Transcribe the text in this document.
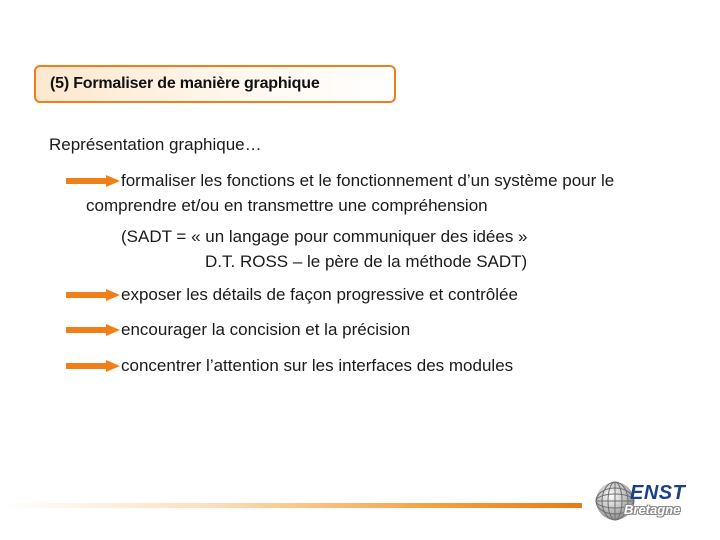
(5) Formaliser de manière graphique
Représentation graphique…
formaliser les fonctions et le fonctionnement d’un système pour le
comprendre et/ou en transmettre une compréhension
(SADT = « un langage pour communiquer des idées »
D.T. ROSS – le père de la méthode SADT)
exposer les détails de façon progressive et contrôlée
encourager la concision et la précision
concentrer l’attention sur les interfaces des modules
ENST
Bretagne
